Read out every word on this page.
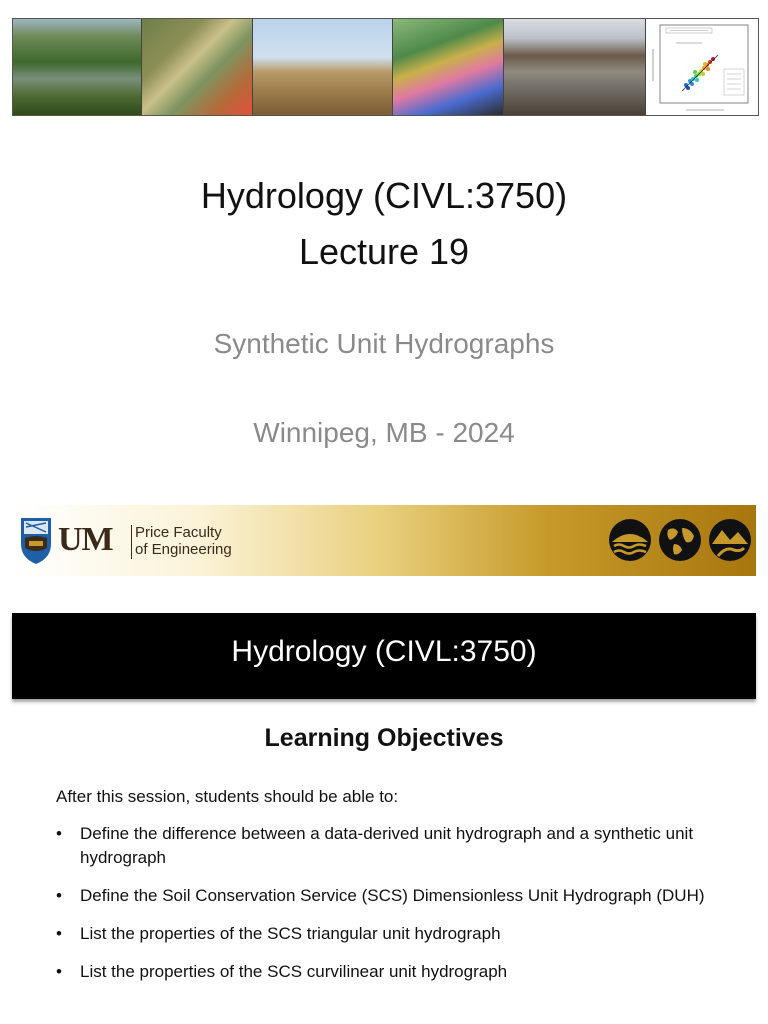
Hydrology (CIVL:3750)
Lecture 19
Synthetic Unit Hydrographs
Winnipeg, MB - 2024
UM Price Faculty
of Engineering
Hydrology (CIVL:3750)
Learning Objectives
After this session, students should be able to:
• Define the difference between a data-derived unit hydrograph and a synthetic unit hydrograph
• Define the Soil Conservation Service (SCS) Dimensionless Unit Hydrograph (DUH)
• List the properties of the SCS triangular unit hydrograph
• List the properties of the SCS curvilinear unit hydrograph
